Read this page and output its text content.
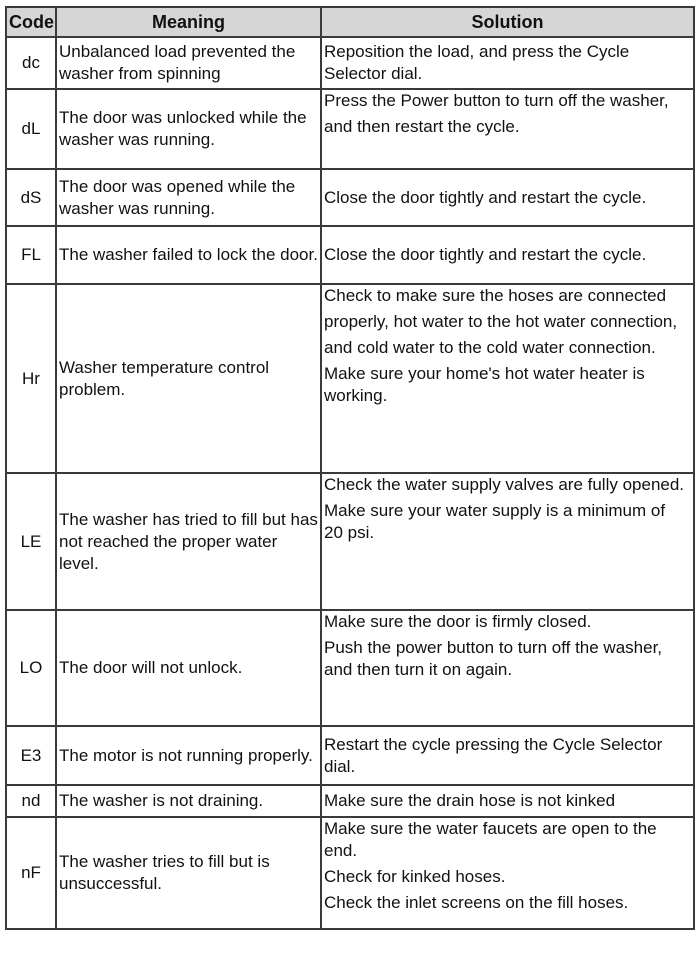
Code	Meaning	Solution
dc	Unbalanced load prevented the washer from spinning	Reposition the load, and press the Cycle Selector dial.

dL	The door was unlocked while the washer was running.	Press the Power button to turn off the washer,
and then restart the cycle.

dS	The door was opened while the washer was running.	Close the door tightly and restart the cycle.

FL	The washer failed to lock the door.	Close the door tightly and restart the cycle.

Hr	Washer temperature control problem.	Check to make sure the hoses are connected
properly, hot water to the hot water connection,
and cold water to the cold water connection.
Make sure your home's hot water heater is working.

LE	The washer has tried to fill but has not reached the proper water level.	Check the water supply valves are fully opened.
Make sure your water supply is a minimum of
20 psi.

LO	The door will not unlock.	Make sure the door is firmly closed.
Push the power button to turn off the washer,
and then turn it on again.

E3	The motor is not running properly.	Restart the cycle pressing the Cycle Selector dial.

nd	The washer is not draining.	Make sure the drain hose is not kinked

nF	The washer tries to fill but is unsuccessful.	Make sure the water faucets are open to the end.
Check for kinked hoses.
Check the inlet screens on the fill hoses.
